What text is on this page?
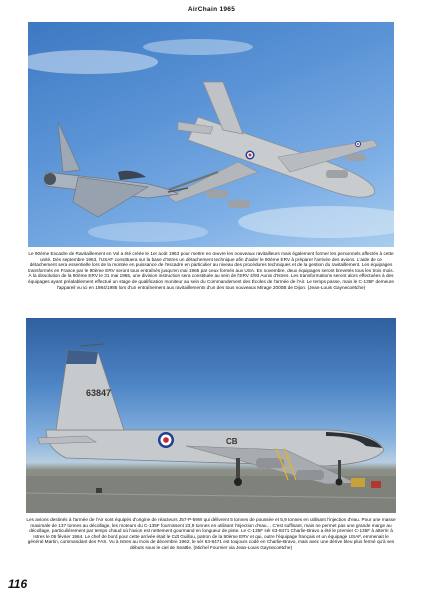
AirChain 1965
Le 90ème Escadre de Ravitaillement en Vol a été créée le 1er août 1963 pour mettre en œuvre les nouveaux ravitailleurs mais également former les personnels affectés à cette unité. Dès septembre 1963, l'USAF constituera sur la base d'Istres un détachement technique afin d'aider le 90ème ERV à préparer l'arrivée des avions. L'aide de ce détachement sera essentielle lors de la montée en puissance de l'escadre en particulier au niveau des procédures techniques et de la gestion du ravitaillement. Les équipages transformés en France par le 90ème ERV seront tous entraînés jusqu'en mai 1965 par ceux formés aux USA. En novembre, deux équipages seront brevetés tous les trois mois. À la dissolution de la 90ème ERV le 31 mai 1965, une division instruction sera constituée au sein de l'ERV 4/93 Aunis d'Istres. Les transformations seront alors effectuées à des équipages ayant préalablement effectué un stage de qualification moniteur au sein du Commandement des Écoles de l'armée de l'Air. Le temps passe, mais le C-135F demeure l'appareil vu ici en 1984/1985 lors d'un entraînement aux ravitaillements d'un des tous nouveaux Mirage 2000B de Dijon. (Jean-Louis Gaynecoëtche)
63847
CB
Les avions destinés à l'armée de l'Air sont équipés d'origine de réacteurs J57-P-59W qui délivrent 5 tonnes de poussée et 5,9 tonnes en utilisant l'injection d'eau. Pour une masse maximale de 137 tonnes au décollage, les moteurs du C-135F fournissent 23,9 tonnes en utilisant l'injection d'eau… C'est suffisant, mais ne permet pas une grande marge au décollage, particulièrement par temps chaud où l'avion est nettement gourmand en longueur de piste. Le C-135F sér 63-8471 Charlie-Bravo a été le premier C-135F à atterrir à Istres le 05 février 1964. Le chef de bord pour cette arrivée était le Cdt Guillou, patron de la 90ème ERV et qui, outre l'équipage français et un équipage USAF, emmenait le général Martin, commandant des FAS. Vu à Istres au mois de décembre 1962, le sér 63-8471 est toujours codé en Charlie-Bravo, mais avec une dérive bleu plus fermé qu'à ses débuts sous le ciel de Seattle. (Michel Fournier via Jean-Louis Gaynecoëtche)
116
